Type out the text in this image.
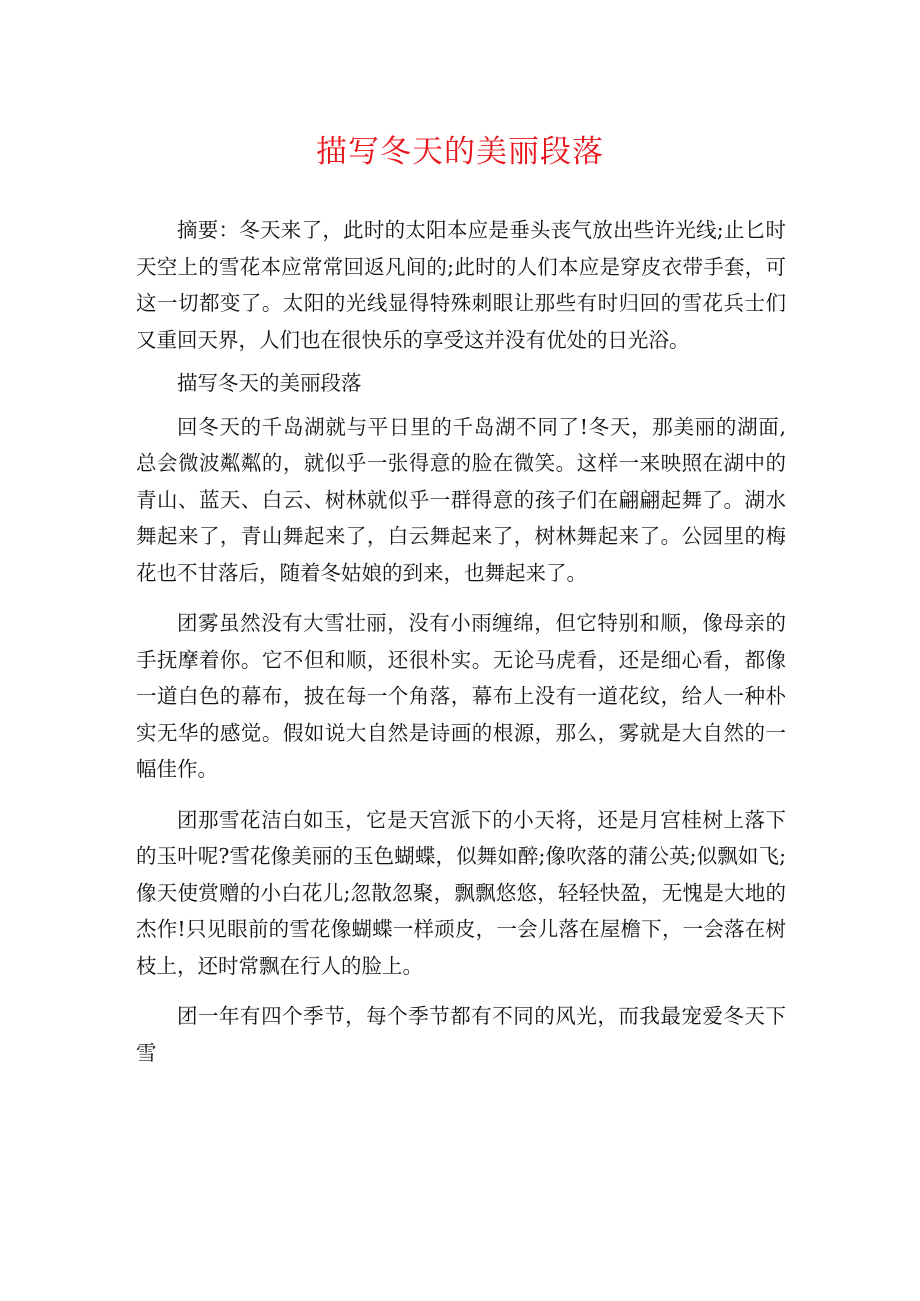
描写冬天的美丽段落

摘要：冬天来了，此时的太阳本应是垂头丧气放出些许光线;止匕时天空上的雪花本应常常回返凡间的;此时的人们本应是穿皮衣带手套，可这一切都变了。太阳的光线显得特殊刺眼让那些有时归回的雪花兵士们又重回天界，人们也在很快乐的享受这并没有优处的日光浴。

描写冬天的美丽段落

回冬天的千岛湖就与平日里的千岛湖不同了!冬天，那美丽的湖面,总会微波粼粼的，就似乎一张得意的脸在微笑。这样一来映照在湖中的青山、蓝天、白云、树林就似乎一群得意的孩子们在翩翩起舞了。湖水舞起来了，青山舞起来了，白云舞起来了，树林舞起来了。公园里的梅花也不甘落后，随着冬姑娘的到来，也舞起来了。

团雾虽然没有大雪壮丽，没有小雨缠绵，但它特别和顺，像母亲的手抚摩着你。它不但和顺，还很朴实。无论马虎看，还是细心看，都像一道白色的幕布，披在每一个角落，幕布上没有一道花纹，给人一种朴实无华的感觉。假如说大自然是诗画的根源，那么，雾就是大自然的一幅佳作。

团那雪花洁白如玉，它是天宫派下的小天将，还是月宫桂树上落下的玉叶呢?雪花像美丽的玉色蝴蝶，似舞如醉;像吹落的蒲公英;似飘如飞;像天使赏赠的小白花儿;忽散忽聚，飘飘悠悠，轻轻快盈，无愧是大地的杰作!只见眼前的雪花像蝴蝶一样顽皮，一会儿落在屋檐下，一会落在树枝上，还时常飘在行人的脸上。

团一年有四个季节，每个季节都有不同的风光，而我最宠爱冬天下雪
